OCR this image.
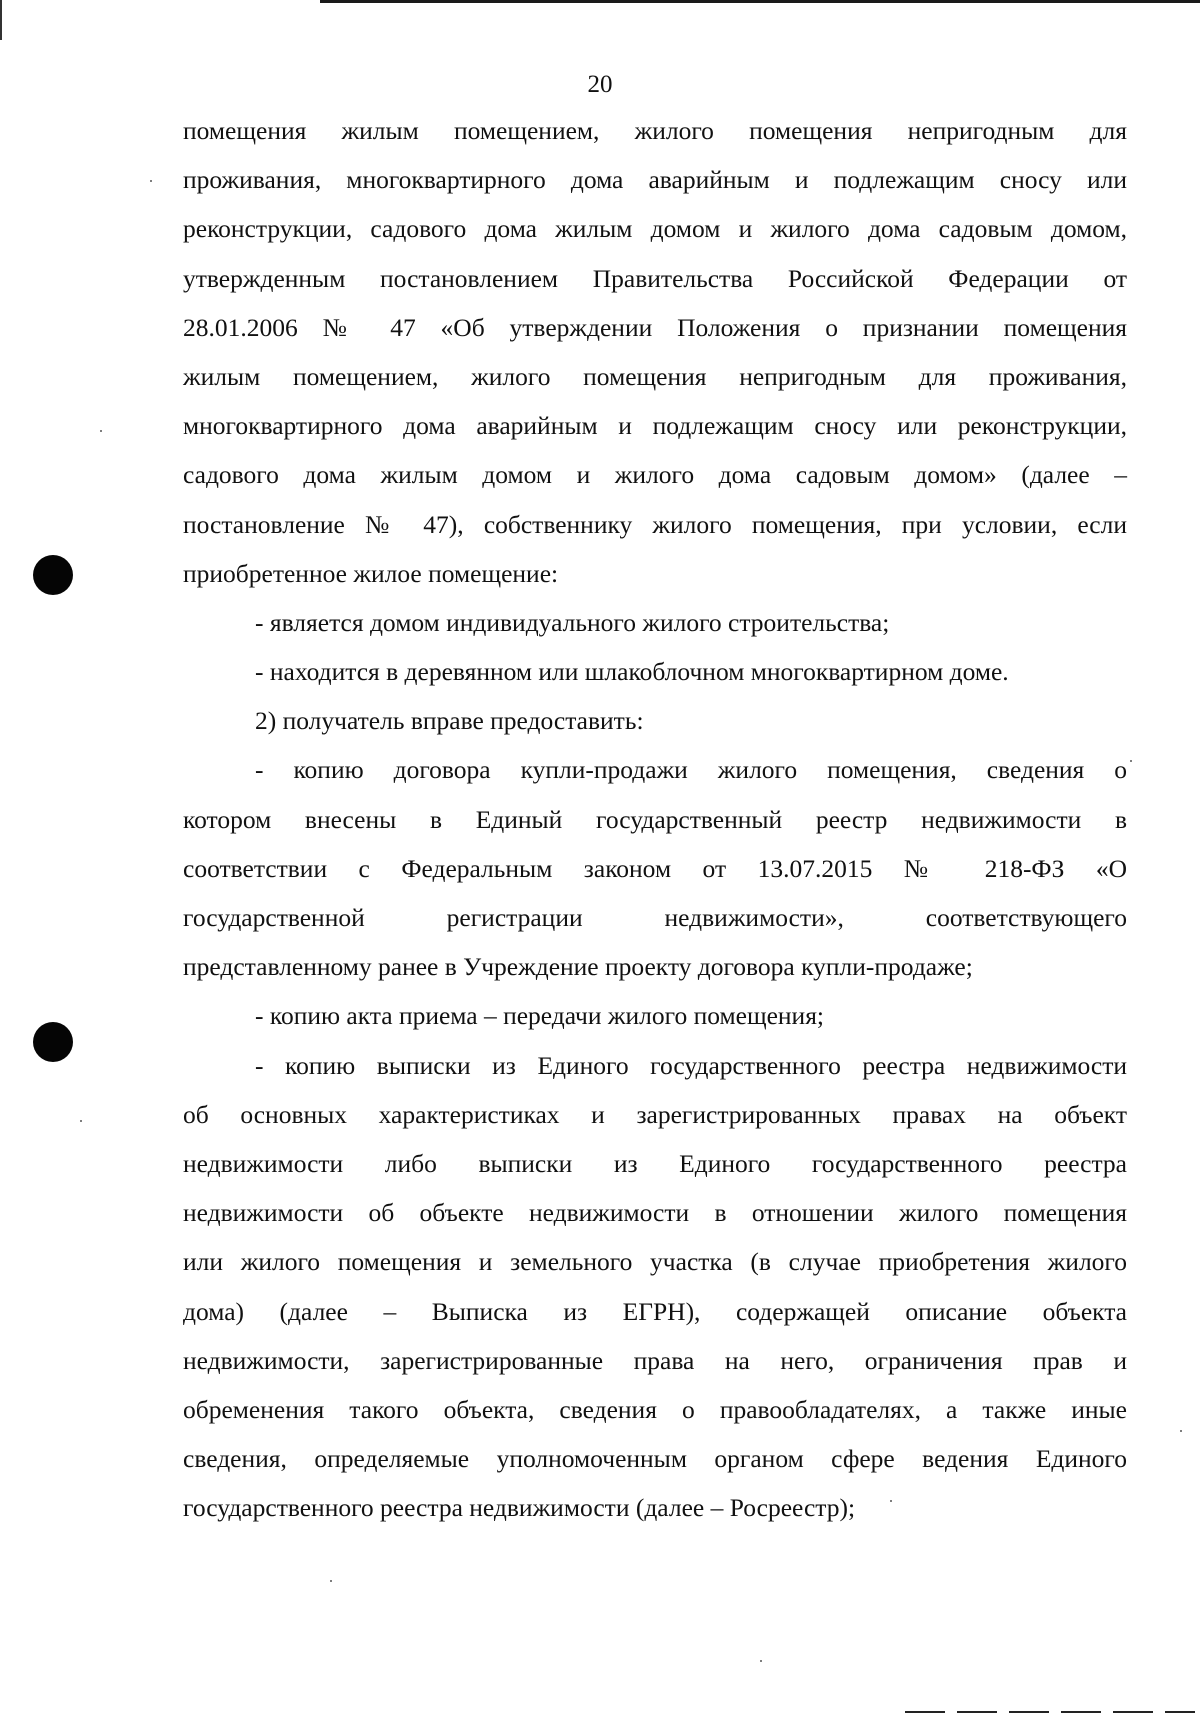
20
помещения жилым помещением, жилого помещения непригодным для
проживания, многоквартирного дома аварийным и подлежащим сносу или
реконструкции, садового дома жилым домом и жилого дома садовым домом,
утвержденным постановлением Правительства Российской Федерации от
28.01.2006 № 47 «Об утверждении Положения о признании помещения
жилым помещением, жилого помещения непригодным для проживания,
многоквартирного дома аварийным и подлежащим сносу или реконструкции,
садового дома жилым домом и жилого дома садовым домом» (далее –
постановление № 47), собственнику жилого помещения, при условии, если
приобретенное жилое помещение:
- является домом индивидуального жилого строительства;
- находится в деревянном или шлакоблочном многоквартирном доме.
2) получатель вправе предоставить:
- копию договора купли-продажи жилого помещения, сведения о
котором внесены в Единый государственный реестр недвижимости в
соответствии с Федеральным законом от 13.07.2015 № 218-ФЗ «О
государственной регистрации недвижимости», соответствующего
представленному ранее в Учреждение проекту договора купли-продаже;
- копию акта приема – передачи жилого помещения;
- копию выписки из Единого государственного реестра недвижимости
об основных характеристиках и зарегистрированных правах на объект
недвижимости либо выписки из Единого государственного реестра
недвижимости об объекте недвижимости в отношении жилого помещения
или жилого помещения и земельного участка (в случае приобретения жилого
дома) (далее – Выписка из ЕГРН), содержащей описание объекта
недвижимости, зарегистрированные права на него, ограничения прав и
обременения такого объекта, сведения о правообладателях, а также иные
сведения, определяемые уполномоченным органом сфере ведения Единого
государственного реестра недвижимости (далее – Росреестр);
